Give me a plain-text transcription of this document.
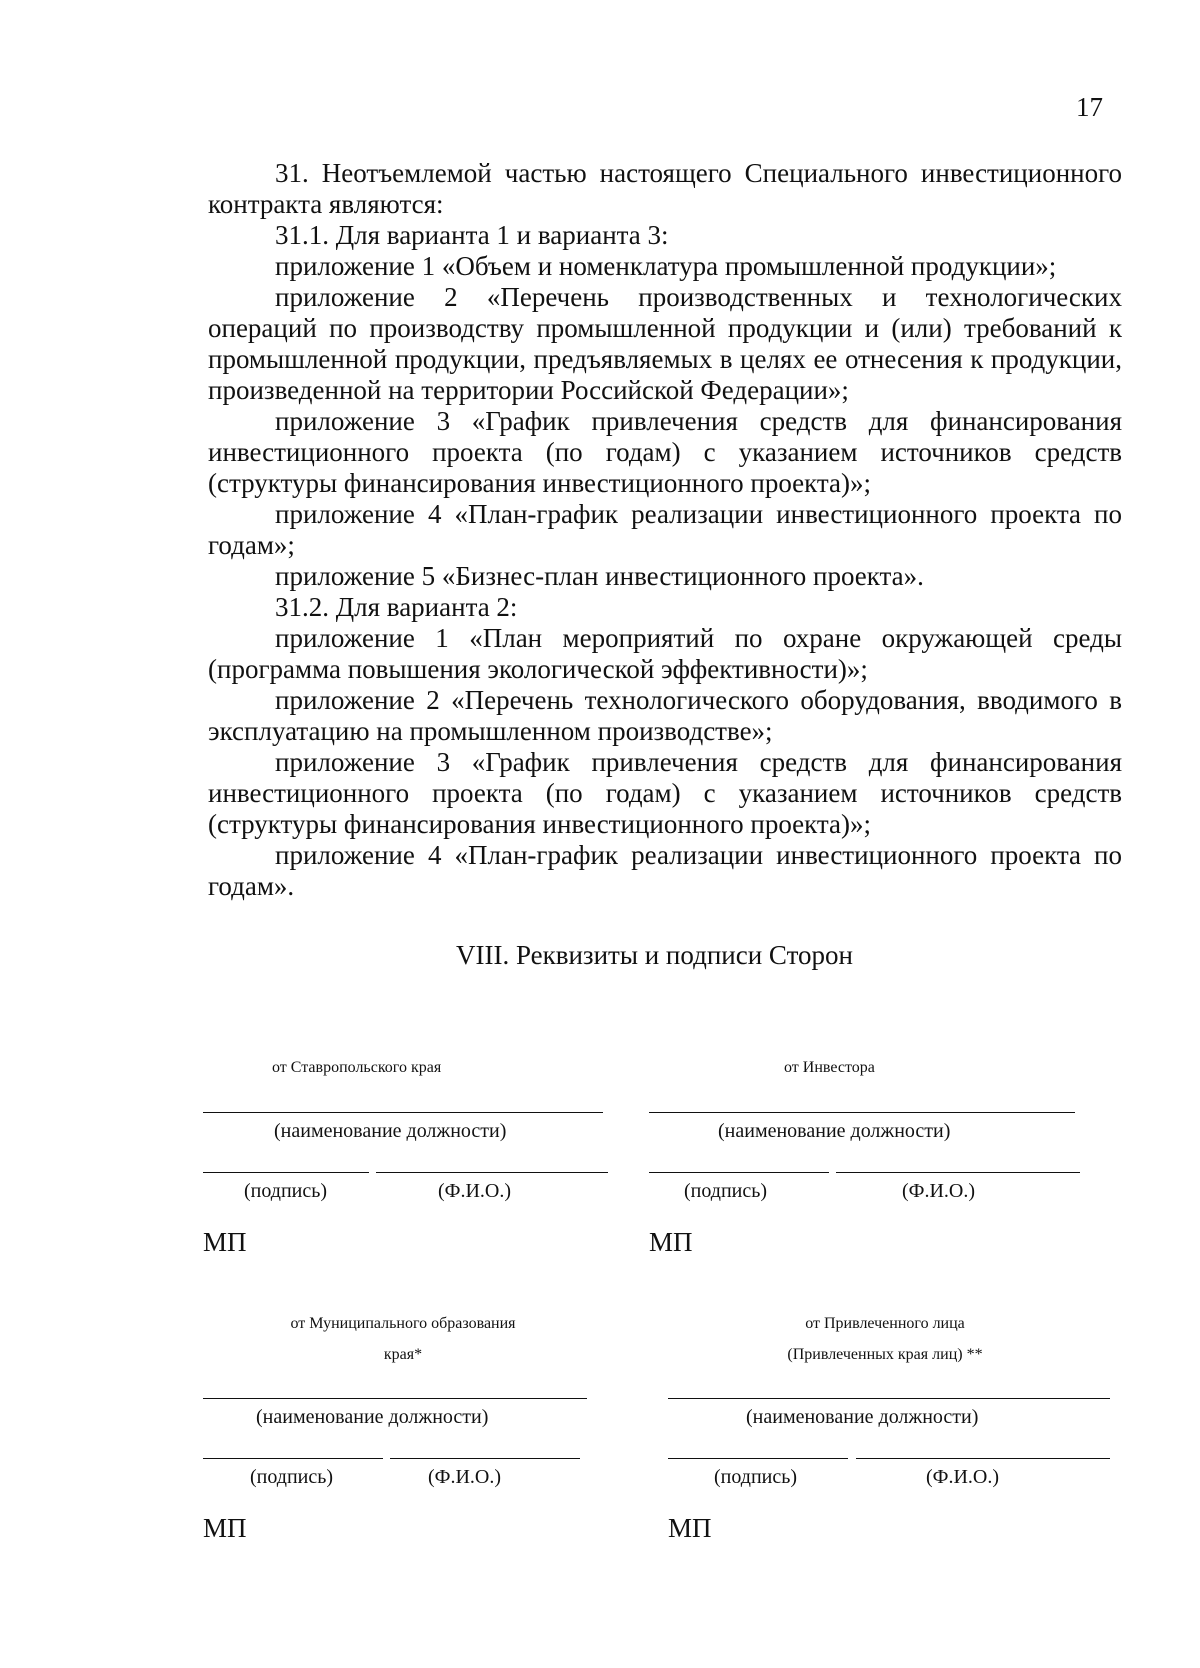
17

31. Неотъемлемой частью настоящего Специального инвестиционного контракта являются:

31.1. Для варианта 1 и варианта 3:

приложение 1 «Объем и номенклатура промышленной продукции»;

приложение 2 «Перечень производственных и технологических операций по производству промышленной продукции и (или) требований к промышленной продукции, предъявляемых в целях ее отнесения к продукции, произведенной на территории Российской Федерации»;

приложение 3 «График привлечения средств для финансирования инвестиционного проекта (по годам) с указанием источников средств (структуры финансирования инвестиционного проекта)»;

приложение 4 «План-график реализации инвестиционного проекта по годам»;

приложение 5 «Бизнес-план инвестиционного проекта».

31.2. Для варианта 2:

приложение 1 «План мероприятий по охране окружающей среды (программа повышения экологической эффективности)»;

приложение 2 «Перечень технологического оборудования, вводимого в эксплуатацию на промышленном производстве»;

приложение 3 «График привлечения средств для финансирования инвестиционного проекта (по годам) с указанием источников средств (структуры финансирования инвестиционного проекта)»;

приложение 4 «План-график реализации инвестиционного проекта по годам».

VIII. Реквизиты и подписи Сторон
от Ставропольского края
(наименование должности)
(подпись)	(Ф.И.О.)
МП
от Инвестора
(наименование должности)
(подпись)	(Ф.И.О.)
МП
от Муниципального образования
края*
(наименование должности)
(подпись)	(Ф.И.О.)
МП
от Привлеченного лица
(Привлеченных края лиц) **
(наименование должности)
(подпись)	(Ф.И.О.)
МП
